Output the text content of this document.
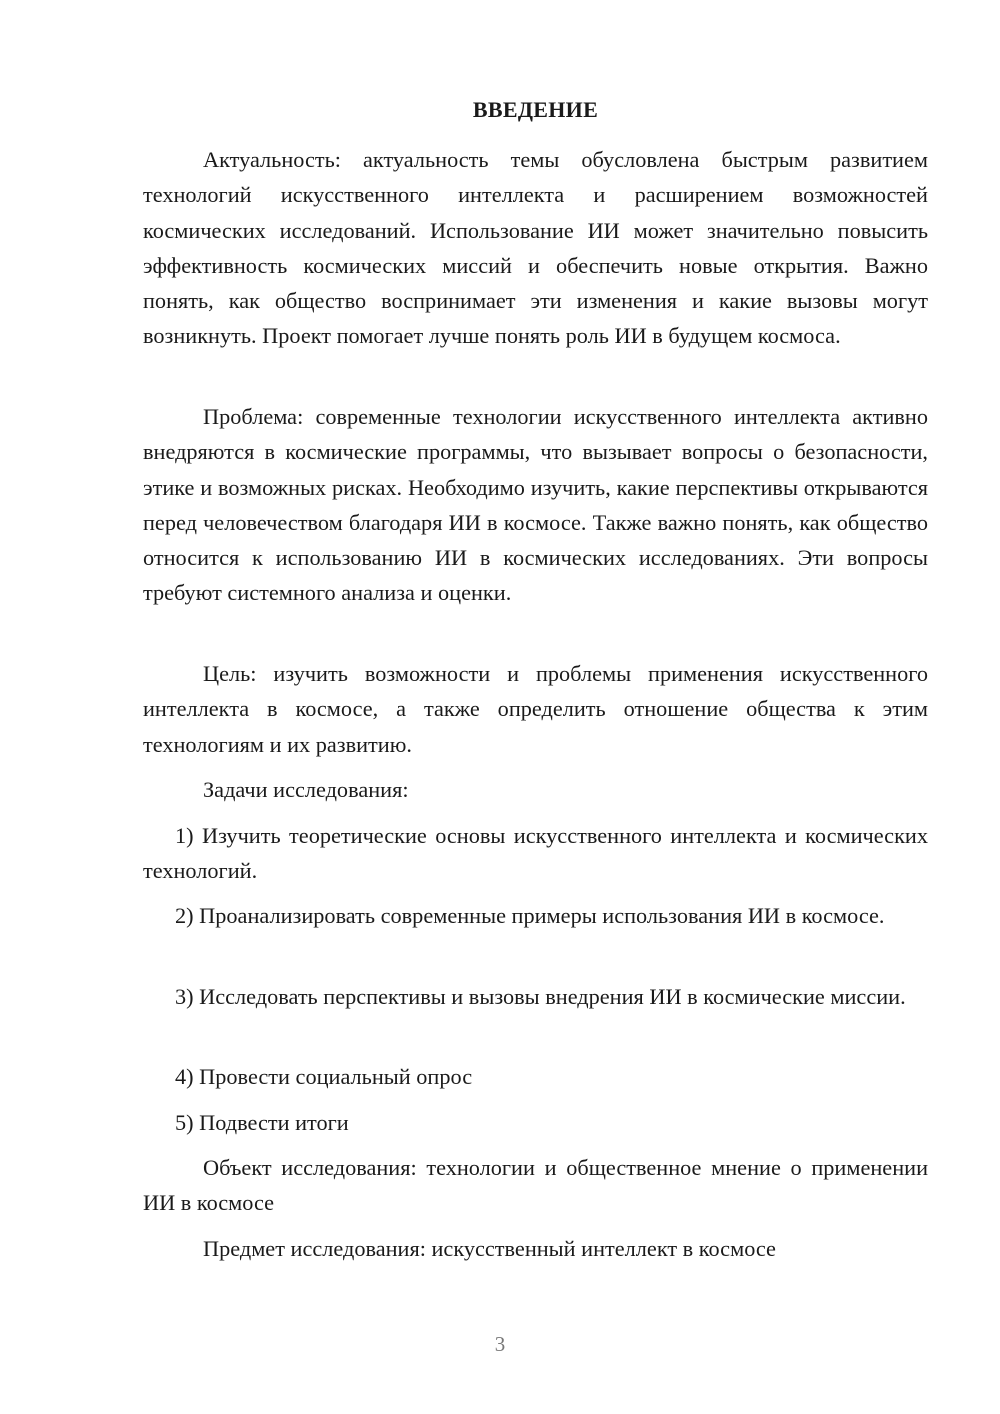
ВВЕДЕНИЕ

Актуальность: актуальность темы обусловлена быстрым развитием технологий искусственного интеллекта и расширением возможностей космических исследований. Использование ИИ может значительно повысить эффективность космических миссий и обеспечить новые открытия. Важно понять, как общество воспринимает эти изменения и какие вызовы могут возникнуть. Проект помогает лучше понять роль ИИ в будущем космоса.

Проблема: современные технологии искусственного интеллекта активно внедряются в космические программы, что вызывает вопросы о безопасности, этике и возможных рисках. Необходимо изучить, какие перспективы открываются перед человечеством благодаря ИИ в космосе. Также важно понять, как общество относится к использованию ИИ в космических исследованиях. Эти вопросы требуют системного анализа и оценки.

Цель: изучить возможности и проблемы применения искусственного интеллекта в космосе, а также определить отношение общества к этим технологиям и их развитию.

Задачи исследования:

1) Изучить теоретические основы искусственного интеллекта и космических технологий.

2) Проанализировать современные примеры использования ИИ в космосе.

3) Исследовать перспективы и вызовы внедрения ИИ в космические миссии.

4) Провести социальный опрос

5) Подвести итоги

Объект исследования: технологии и общественное мнение о применении ИИ в космосе

Предмет исследования: искусственный интеллект в космосе

3
